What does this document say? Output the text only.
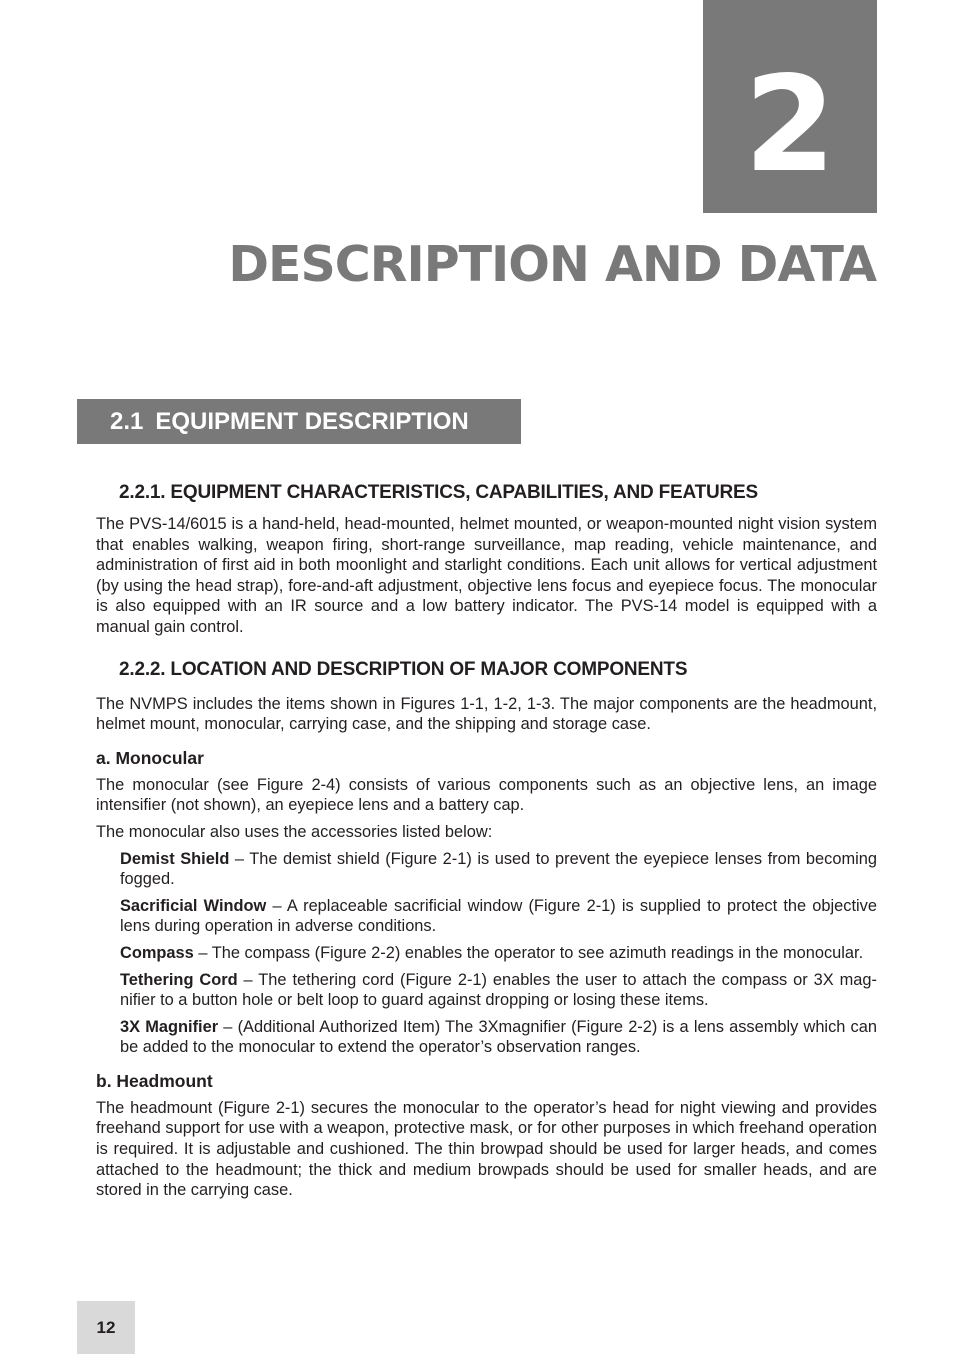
2
DESCRIPTION AND DATA
2.1 EQUIPMENT DESCRIPTION
2.2.1. EQUIPMENT CHARACTERISTICS, CAPABILITIES, AND FEATURES

The PVS-14/6015 is a hand-held, head-mounted, helmet mounted, or weapon-mounted night vision system that enables walking, weapon firing, short-range surveillance, map reading, vehicle maintenance, and administration of first aid in both moonlight and starlight conditions. Each unit allows for vertical adjustment (by using the head strap), fore-and-aft adjustment, objective lens focus and eyepiece focus. The monocular is also equipped with an IR source and a low battery indicator. The PVS-14 model is equipped with a manual gain control.

2.2.2. LOCATION AND DESCRIPTION OF MAJOR COMPONENTS

The NVMPS includes the items shown in Figures 1-1, 1-2, 1-3. The major components are the headmount, helmet mount, monocular, carrying case, and the shipping and storage case.

a. Monocular

The monocular (see Figure 2-4) consists of various components such as an objective lens, an image intensifier (not shown), an eyepiece lens and a battery cap.

The monocular also uses the accessories listed below:

Demist Shield – The demist shield (Figure 2-1) is used to prevent the eyepiece lenses from becoming fogged.

Sacrificial Window – A replaceable sacrificial window (Figure 2-1) is supplied to protect the objective lens during operation in adverse conditions.

Compass – The compass (Figure 2-2) enables the operator to see azimuth readings in the monocular.

Tethering Cord – The tethering cord (Figure 2-1) enables the user to attach the compass or 3X magnifier to a button hole or belt loop to guard against dropping or losing these items.

3X Magnifier – (Additional Authorized Item) The 3Xmagnifier (Figure 2-2) is a lens assembly which can be added to the monocular to extend the operator’s observation ranges.

b. Headmount

The headmount (Figure 2-1) secures the monocular to the operator’s head for night viewing and provides freehand support for use with a weapon, protective mask, or for other purposes in which freehand operation is required. It is adjustable and cushioned. The thin browpad should be used for larger heads, and comes attached to the headmount; the thick and medium browpads should be used for smaller heads, and are stored in the carrying case.

12
